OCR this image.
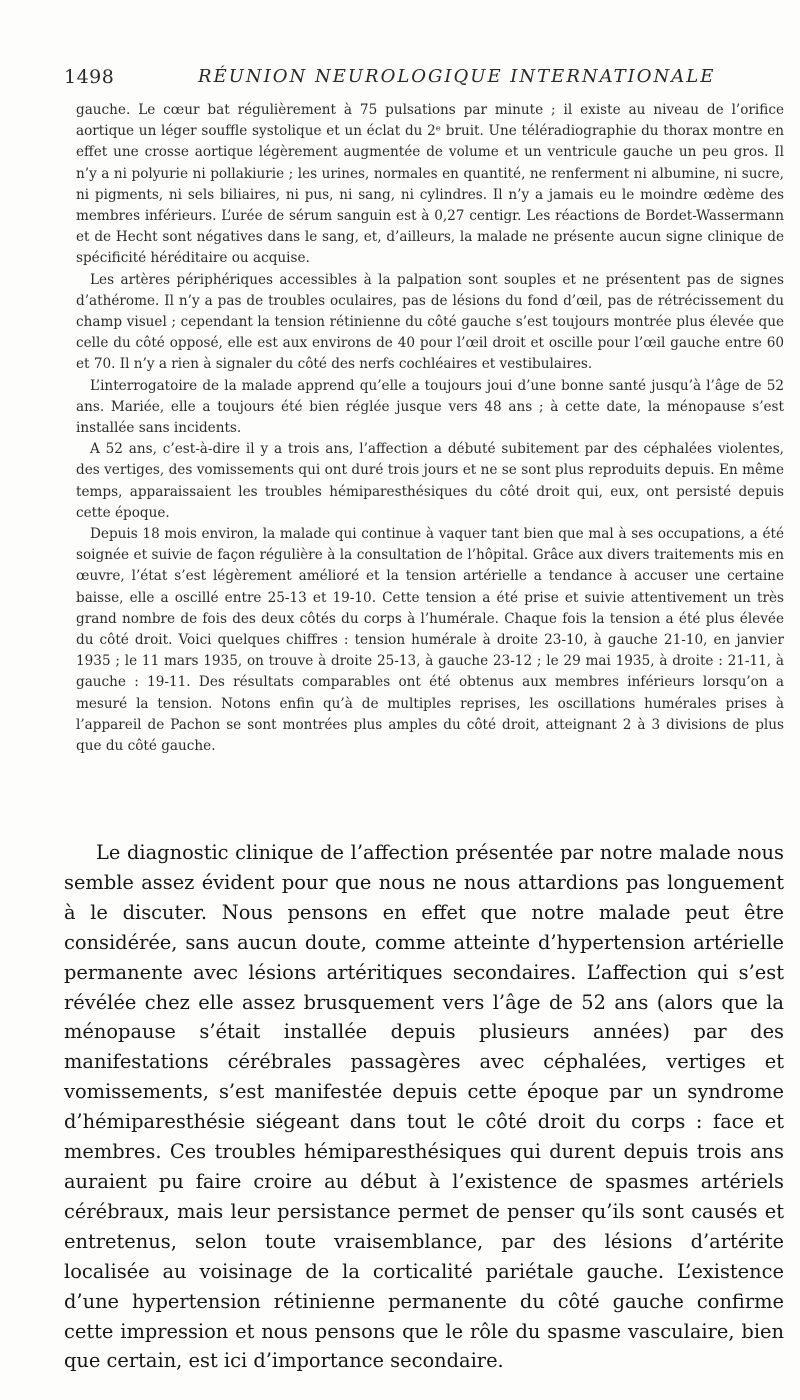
1498	RÉUNION NEUROLOGIQUE INTERNATIONALE

gauche. Le cœur bat régulièrement à 75 pulsations par minute ; il existe au niveau de l’orifice aortique un léger souffle systolique et un éclat du 2ᵉ bruit. Une téléradiographie du thorax montre en effet une crosse aortique légèrement augmentée de volume et un ventricule gauche un peu gros. Il n’y a ni polyurie ni pollakiurie ; les urines, normales en quantité, ne renferment ni albumine, ni sucre, ni pigments, ni sels biliaires, ni pus, ni sang, ni cylindres. Il n’y a jamais eu le moindre œdème des membres inférieurs. L’urée de sérum sanguin est à 0,27 centigr. Les réactions de Bordet-Wassermann et de Hecht sont négatives dans le sang, et, d’ailleurs, la malade ne présente aucun signe clinique de spécificité héréditaire ou acquise.

Les artères périphériques accessibles à la palpation sont souples et ne présentent pas de signes d’athérome. Il n’y a pas de troubles oculaires, pas de lésions du fond d’œil, pas de rétrécissement du champ visuel ; cependant la tension rétinienne du côté gauche s’est toujours montrée plus élevée que celle du côté opposé, elle est aux environs de 40 pour l’œil droit et oscille pour l’œil gauche entre 60 et 70. Il n’y a rien à signaler du côté des nerfs cochléaires et vestibulaires.

L’interrogatoire de la malade apprend qu’elle a toujours joui d’une bonne santé jusqu’à l’âge de 52 ans. Mariée, elle a toujours été bien réglée jusque vers 48 ans ; à cette date, la ménopause s’est installée sans incidents.

A 52 ans, c’est-à-dire il y a trois ans, l’affection a débuté subitement par des céphalées violentes, des vertiges, des vomissements qui ont duré trois jours et ne se sont plus reproduits depuis. En même temps, apparaissaient les troubles hémiparesthésiques du côté droit qui, eux, ont persisté depuis cette époque.

Depuis 18 mois environ, la malade qui continue à vaquer tant bien que mal à ses occupations, a été soignée et suivie de façon régulière à la consultation de l’hôpital. Grâce aux divers traitements mis en œuvre, l’état s’est légèrement amélioré et la tension artérielle a tendance à accuser une certaine baisse, elle a oscillé entre 25-13 et 19-10. Cette tension a été prise et suivie attentivement un très grand nombre de fois des deux côtés du corps à l’humérale. Chaque fois la tension a été plus élevée du côté droit. Voici quelques chiffres : tension humérale à droite 23-10, à gauche 21-10, en janvier 1935 ; le 11 mars 1935, on trouve à droite 25-13, à gauche 23-12 ; le 29 mai 1935, à droite : 21-11, à gauche : 19-11. Des résultats comparables ont été obtenus aux membres inférieurs lorsqu’on a mesuré la tension. Notons enfin qu’à de multiples reprises, les oscillations humérales prises à l’appareil de Pachon se sont montrées plus amples du côté droit, atteignant 2 à 3 divisions de plus que du côté gauche.

Le diagnostic clinique de l’affection présentée par notre malade nous semble assez évident pour que nous ne nous attardions pas longuement à le discuter. Nous pensons en effet que notre malade peut être considérée, sans aucun doute, comme atteinte d’hypertension artérielle permanente avec lésions artéritiques secondaires. L’affection qui s’est révélée chez elle assez brusquement vers l’âge de 52 ans (alors que la ménopause s’était installée depuis plusieurs années) par des manifestations cérébrales passagères avec céphalées, vertiges et vomissements, s’est manifestée depuis cette époque par un syndrome d’hémiparesthésie siégeant dans tout le côté droit du corps : face et membres. Ces troubles hémiparesthésiques qui durent depuis trois ans auraient pu faire croire au début à l’existence de spasmes artériels cérébraux, mais leur persistance permet de penser qu’ils sont causés et entretenus, selon toute vraisemblance, par des lésions d’artérite localisée au voisinage de la corticalité pariétale gauche. L’existence d’une hypertension rétinienne permanente du côté gauche confirme cette impression et nous pensons que le rôle du spasme vasculaire, bien que certain, est ici d’importance secondaire.
